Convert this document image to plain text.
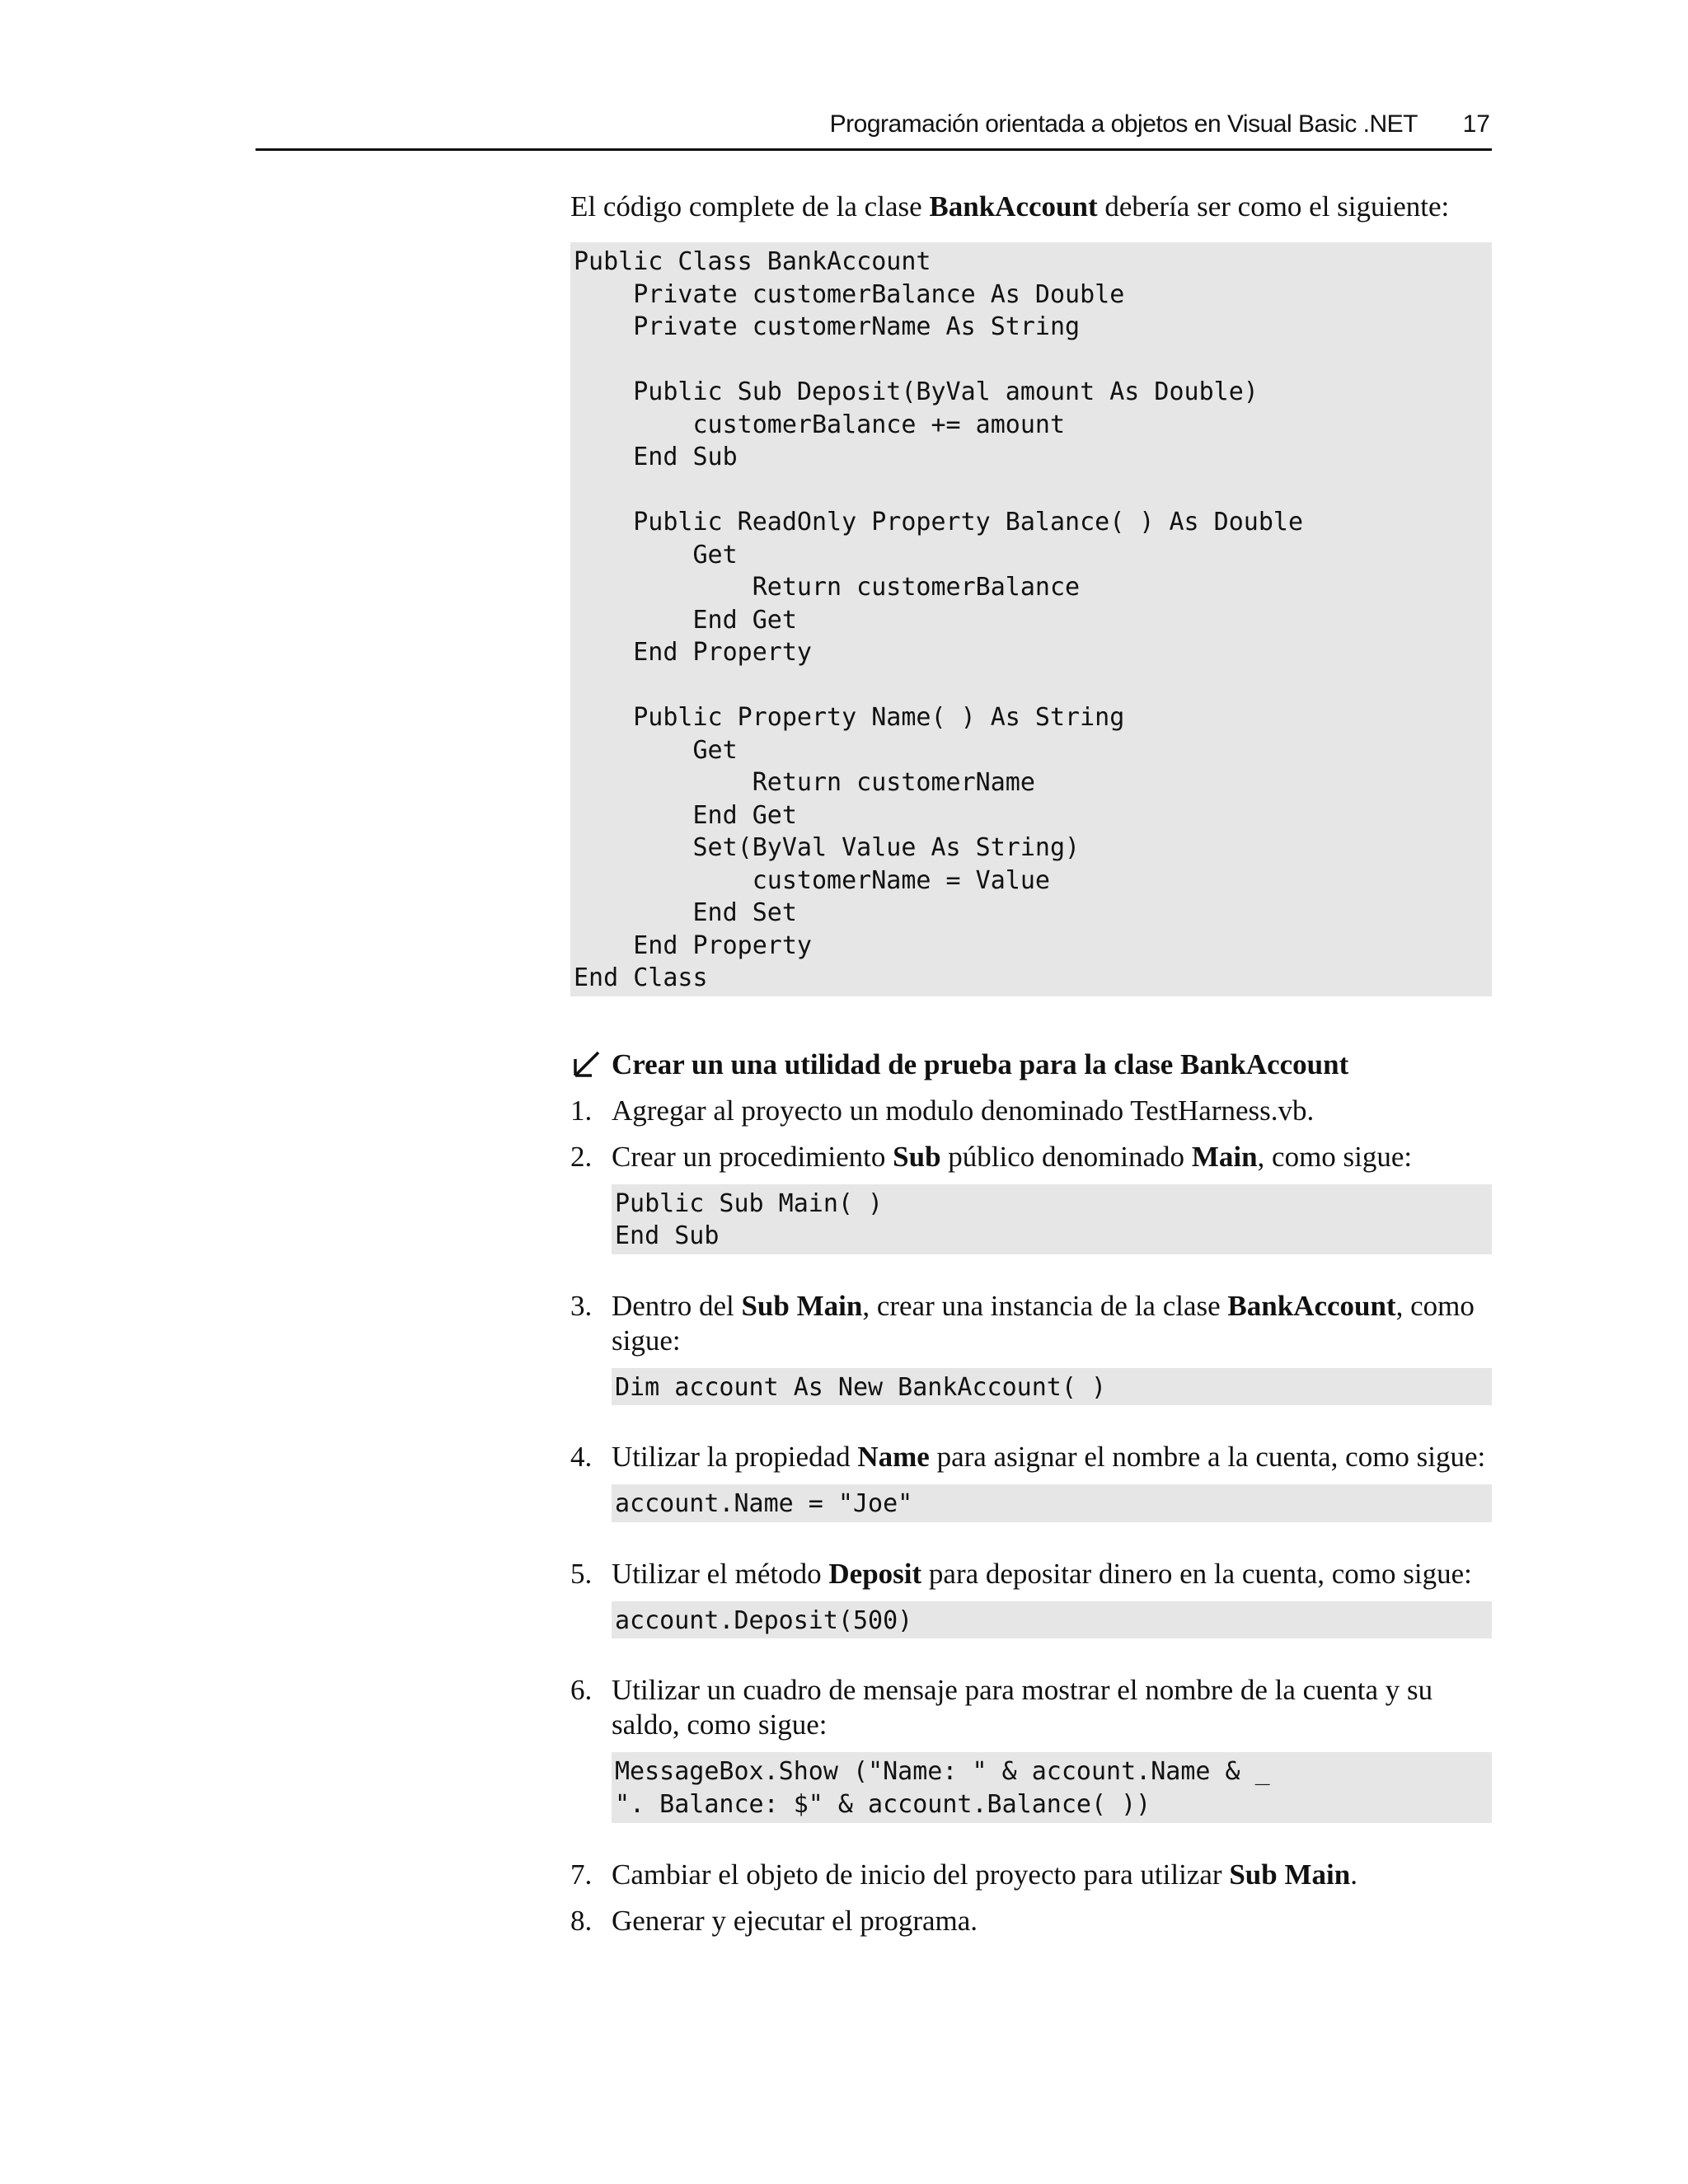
Programación orientada a objetos en Visual Basic .NET 17

El código complete de la clase BankAccount debería ser como el siguiente:

Public Class BankAccount
Private customerBalance As Double
Private customerName As String

Public Sub Deposit(ByVal amount As Double)
customerBalance += amount
End Sub

Public ReadOnly Property Balance( ) As Double
Get
Return customerBalance
End Get
End Property

Public Property Name( ) As String
Get
Return customerName
End Get
Set(ByVal Value As String)
customerName = Value
End Set
End Property
End Class
Crear un una utilidad de prueba para la clase BankAccount
1. Agregar al proyecto un modulo denominado TestHarness.vb.
2. Crear un procedimiento Sub público denominado Main, como sigue:
Public Sub Main( )
End Sub
3. Dentro del Sub Main, crear una instancia de la clase BankAccount, como sigue:
Dim account As New BankAccount( )
4. Utilizar la propiedad Name para asignar el nombre a la cuenta, como sigue:
account.Name = "Joe"
5. Utilizar el método Deposit para depositar dinero en la cuenta, como sigue:
account.Deposit(500)
6. Utilizar un cuadro de mensaje para mostrar el nombre de la cuenta y su saldo, como sigue:
MessageBox.Show ("Name: " & account.Name & _
". Balance: $" & account.Balance( ))
7. Cambiar el objeto de inicio del proyecto para utilizar Sub Main.
8. Generar y ejecutar el programa.
